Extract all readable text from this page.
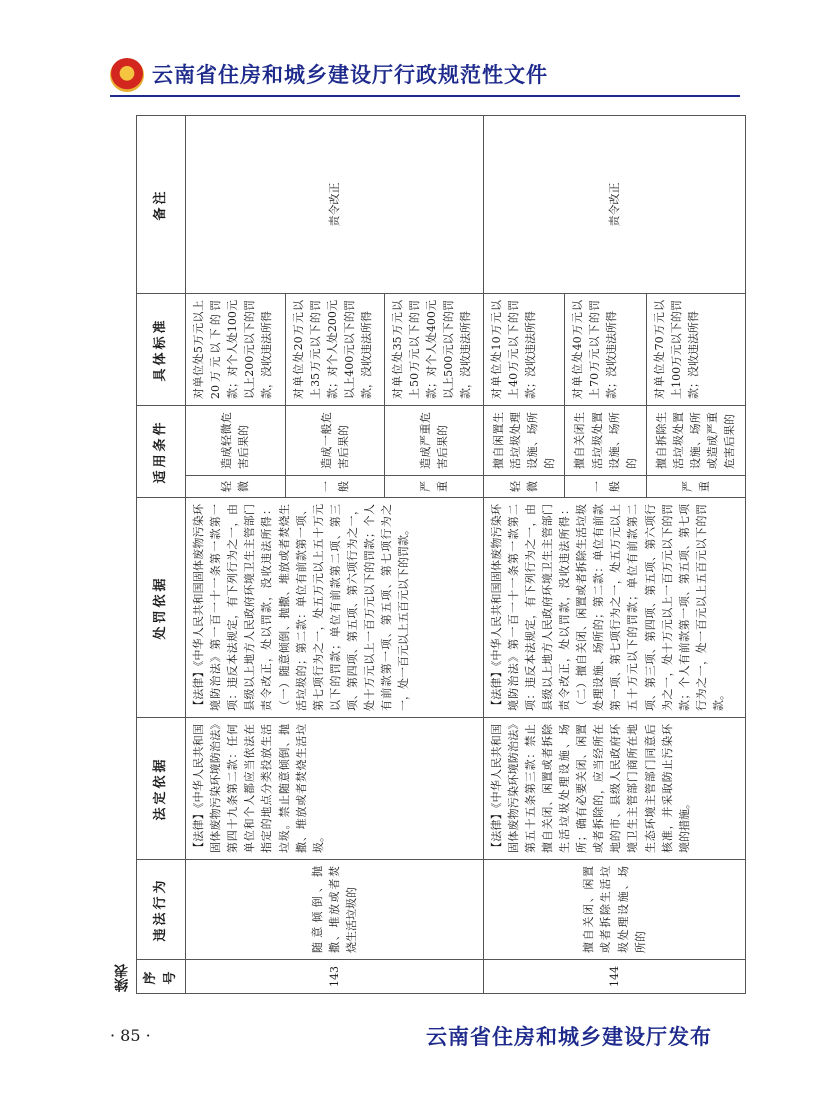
云南省住房和城乡建设厅行政规范性文件
续表	序号	违法行为	法定依据	处罚依据	适用条件		具体标准	备注
143	随意倾倒、抛撒、堆放或者焚烧生活垃圾的	【法律】《中华人民共和国固体废物污染环境防治法》第四十九条第二款：任何单位和个人都应当依法在指定的地点分类投放生活垃圾。禁止随意倾倒、抛撒、堆放或者焚烧生活垃圾。	【法律】《中华人民共和国固体废物污染环境防治法》第一百一十一条第一款第一项：违反本法规定，有下列行为之一，由县级以上地方人民政府环境卫生主管部门责令改正，处以罚款，没收违法所得：（一）随意倾倒、抛撒、堆放或者焚烧生活垃圾的；第二款：单位有前款第一项、第七项行为之一，处五万元以上五十万元以下的罚款；单位有前款第二项、第三项、第四项、第五项、第六项行为之一，处十万元以上一百万元以下的罚款；个人有前款第一项、第五项、第七项行为之一，处一百元以上五百元以下的罚款。	轻微	造成轻微危害后果的	对单位处5万元以上20万元以下的罚款；对个人处100元以上200元以下的罚款，没收违法所得	责令改正
				一般	造成一般危害后果的	对单位处20万元以上35万元以下的罚款；对个人处200元以上400元以下的罚款，没收违法所得	
				严重	造成严重危害后果的	对单位处35万元以上50万元以下的罚款；对个人处400元以上500元以下的罚款，没收违法所得	
144	擅自关闭、闲置或者拆除生活垃圾处理设施、场所的	【法律】《中华人民共和国固体废物污染环境防治法》第五十五条第三款：禁止擅自关闭、闲置或者拆除生活垃圾处理设施、场所；确有必要关闭、闲置或者拆除的，应当经所在地的市、县级人民政府环境卫生主管部门商所在地生态环境主管部门同意后核准，并采取防止污染环境的措施。	【法律】《中华人民共和国固体废物污染环境防治法》第一百一十一条第一款第二项：违反本法规定，有下列行为之一，由县级以上地方人民政府环境卫生主管部门责令改正，处以罚款，没收违法所得：（二）擅自关闭、闲置或者拆除生活垃圾处理设施、场所的；第二款：单位有前款第一项、第七项行为之一，处五万元以上五十万元以下的罚款；单位有前款第二项、第三项、第四项、第五项、第六项行为之一，处十万元以上一百万元以下的罚款；个人有前款第一项、第五项、第七项行为之一，处一百元以上五百元以下的罚款。	轻微	擅自闲置生活垃圾处理设施、场所的	对单位处10万元以上40万元以下的罚款；没收违法所得	责令改正
				一般	擅自关闭生活垃圾处置设施、场所的	对单位处40万元以上70万元以下的罚款；没收违法所得	
				严重	擅自拆除生活垃圾处置设施、场所或造成严重危害后果的	对单位处70万元以上100万元以下的罚款；没收违法所得	
· 85 ·	云南省住房和城乡建设厅发布
